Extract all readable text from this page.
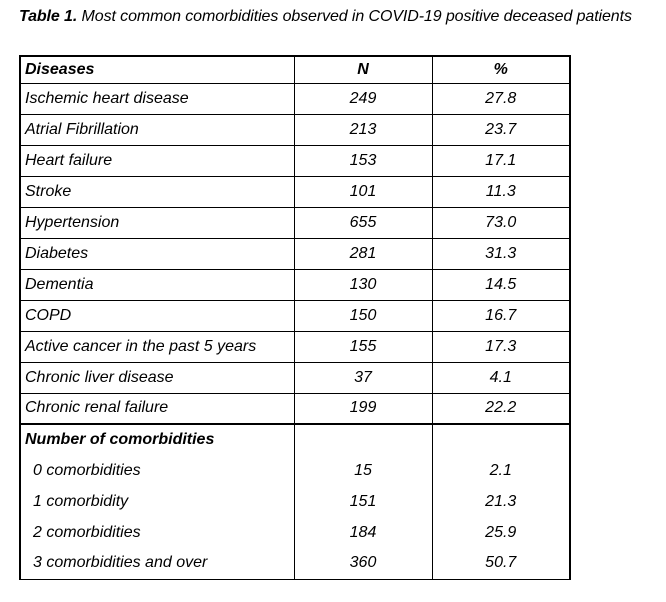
Table 1. Most common comorbidities observed in COVID-19 positive deceased patients
Diseases	N	%
Ischemic heart disease	249	27.8
Atrial Fibrillation	213	23.7
Heart failure	153	17.1
Stroke	101	11.3
Hypertension	655	73.0
Diabetes	281	31.3
Dementia	130	14.5
COPD	150	16.7
Active cancer in the past 5 years	155	17.3
Chronic liver disease	37	4.1
Chronic renal failure	199	22.2
Number of comorbidities		
0 comorbidities	15	2.1
1 comorbidity	151	21.3
2 comorbidities	184	25.9
3 comorbidities and over	360	50.7
